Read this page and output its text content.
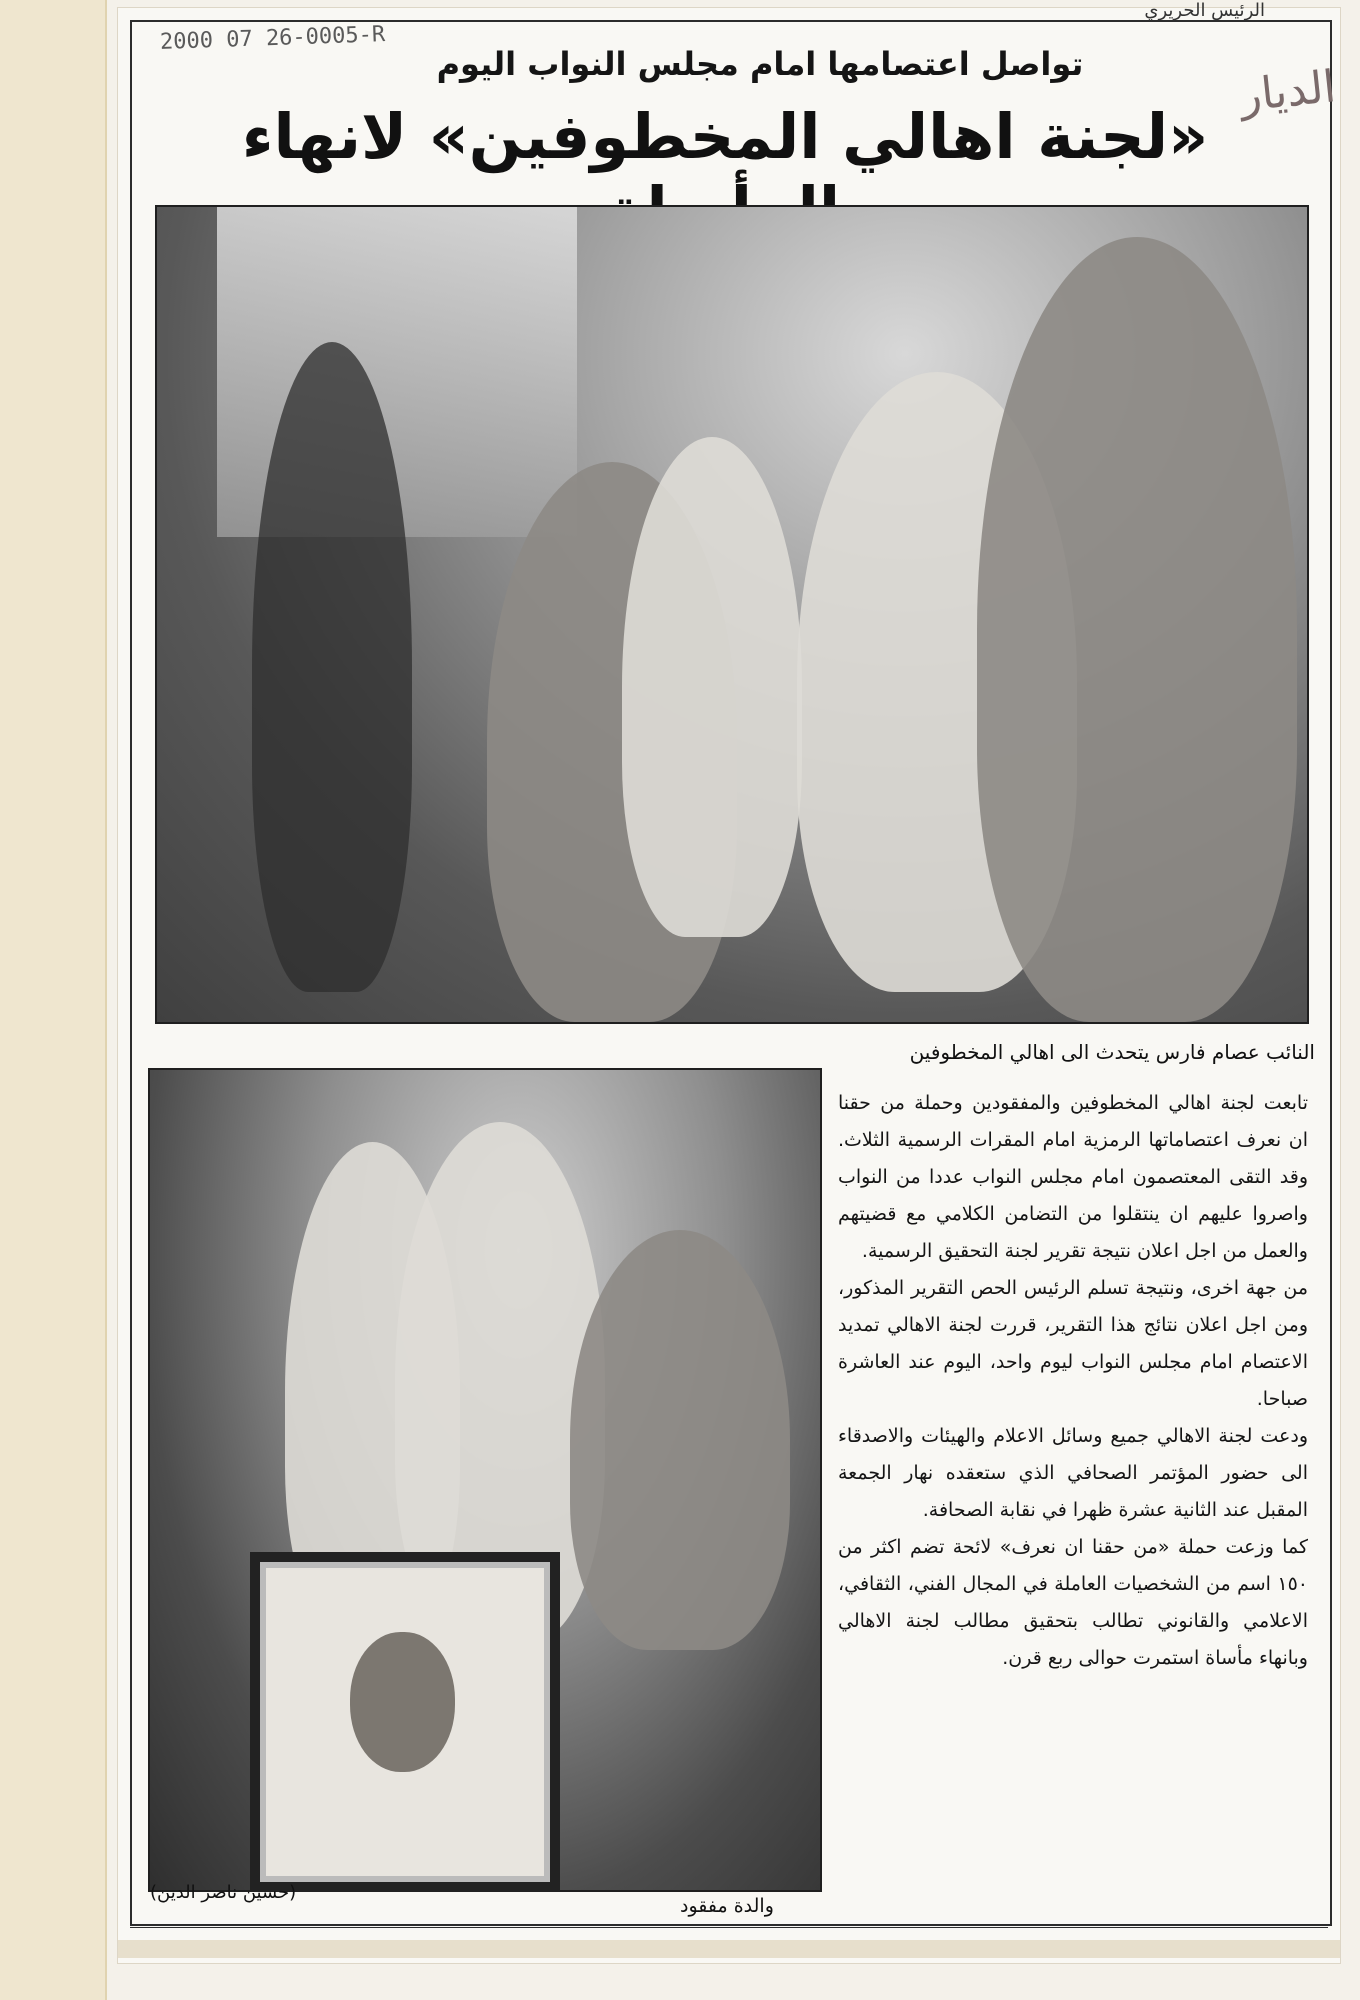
الرئيس الحريري
2000 07 26-0005-R
الديار
تواصل اعتصامها امام مجلس النواب اليوم
«لجنة اهالي المخطوفين» لانهاء
النائب عصام فارس يتحدث الى اهالي المخطوفين

تابعت لجنة اهالي المخطوفين والمفقودين وحملة من حقنا ان نعرف اعتصاماتها الرمزية امام المقرات الرسمية الثلاث. وقد التقى المعتصمون امام مجلس النواب عددا من النواب واصروا عليهم ان ينتقلوا من التضامن الكلامي مع قضيتهم والعمل من اجل اعلان نتيجة تقرير لجنة التحقيق الرسمية.

من جهة اخرى، ونتيجة تسلم الرئيس الحص التقرير المذكور، ومن اجل اعلان نتائج هذا التقرير، قررت لجنة الاهالي تمديد الاعتصام امام مجلس النواب ليوم واحد، اليوم عند العاشرة صباحا.

ودعت لجنة الاهالي جميع وسائل الاعلام والهيئات والاصدقاء الى حضور المؤتمر الصحافي الذي ستعقده نهار الجمعة المقبل عند الثانية عشرة ظهرا في نقابة الصحافة.

كما وزعت حملة «من حقنا ان نعرف» لائحة تضم اكثر من ١٥٠ اسم من الشخصيات العاملة في المجال الفني، الثقافي، الاعلامي والقانوني تطالب بتحقيق مطالب لجنة الاهالي وبانهاء مأساة استمرت حوالى ربع قرن.

والدة مفقود
(حسين ناصر الدين)
